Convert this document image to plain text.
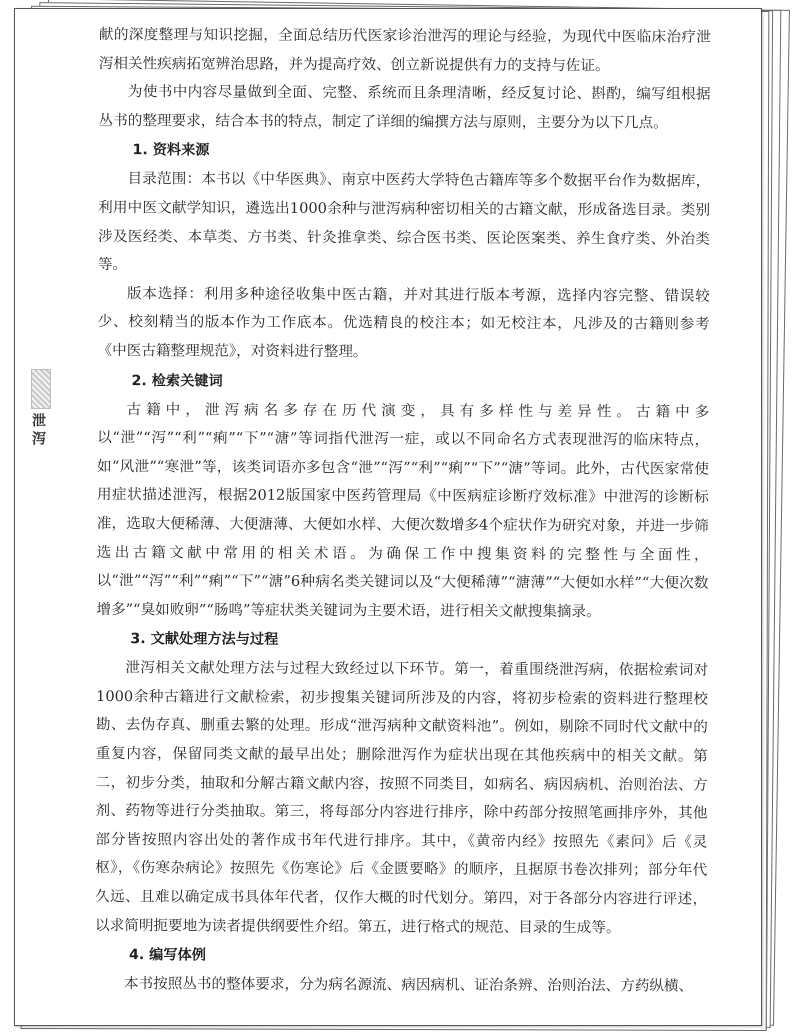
泄泻

献的深度整理与知识挖掘，全面总结历代医家诊治泄泻的理论与经验，为现代中医临床治疗泄泻相关性疾病拓宽辨治思路，并为提高疗效、创立新说提供有力的支持与佐证。

为使书中内容尽量做到全面、完整、系统而且条理清晰，经反复讨论、斟酌，编写组根据丛书的整理要求，结合本书的特点，制定了详细的编撰方法与原则，主要分为以下几点。

1. 资料来源

目录范围：本书以《中华医典》、南京中医药大学特色古籍库等多个数据平台作为数据库，利用中医文献学知识，遴选出1000余种与泄泻病种密切相关的古籍文献，形成备选目录。类别涉及医经类、本草类、方书类、针灸推拿类、综合医书类、医论医案类、养生食疗类、外治类等。

版本选择：利用多种途径收集中医古籍，并对其进行版本考源，选择内容完整、错误较少、校刻精当的版本作为工作底本。优选精良的校注本；如无校注本，凡涉及的古籍则参考《中医古籍整理规范》，对资料进行整理。

2. 检索关键词

古籍中，泄泻病名多存在历代演变，具有多样性与差异性。古籍中多以“泄”“泻”“利”“痢”“下”“溏”等词指代泄泻一症，或以不同命名方式表现泄泻的临床特点，如“风泄”“寒泄”等，该类词语亦多包含“泄”“泻”“利”“痢”“下”“溏”等词。此外，古代医家常使用症状描述泄泻，根据2012版国家中医药管理局《中医病症诊断疗效标准》中泄泻的诊断标准，选取大便稀薄、大便溏薄、大便如水样、大便次数增多4个症状作为研究对象，并进一步筛选出古籍文献中常用的相关术语。为确保工作中搜集资料的完整性与全面性，以“泄”“泻”“利”“痢”“下”“溏”6种病名类关键词以及“大便稀薄”“溏薄”“大便如水样”“大便次数增多”“臭如败卵”“肠鸣”等症状类关键词为主要术语，进行相关文献搜集摘录。

3. 文献处理方法与过程

泄泻相关文献处理方法与过程大致经过以下环节。第一，着重围绕泄泻病，依据检索词对1000余种古籍进行文献检索，初步搜集关键词所涉及的内容，将初步检索的资料进行整理校勘、去伪存真、删重去繁的处理。形成“泄泻病种文献资料池”。例如，剔除不同时代文献中的重复内容，保留同类文献的最早出处；删除泄泻作为症状出现在其他疾病中的相关文献。第二，初步分类，抽取和分解古籍文献内容，按照不同类目，如病名、病因病机、治则治法、方剂、药物等进行分类抽取。第三，将每部分内容进行排序，除中药部分按照笔画排序外，其他部分皆按照内容出处的著作成书年代进行排序。其中，《黄帝内经》按照先《素问》后《灵枢》，《伤寒杂病论》按照先《伤寒论》后《金匮要略》的顺序，且据原书卷次排列；部分年代久远、且难以确定成书具体年代者，仅作大概的时代划分。第四，对于各部分内容进行评述，以求简明扼要地为读者提供纲要性介绍。第五，进行格式的规范、目录的生成等。

4. 编写体例

本书按照丛书的整体要求，分为病名源流、病因病机、证治条辨、治则治法、方药纵横、
